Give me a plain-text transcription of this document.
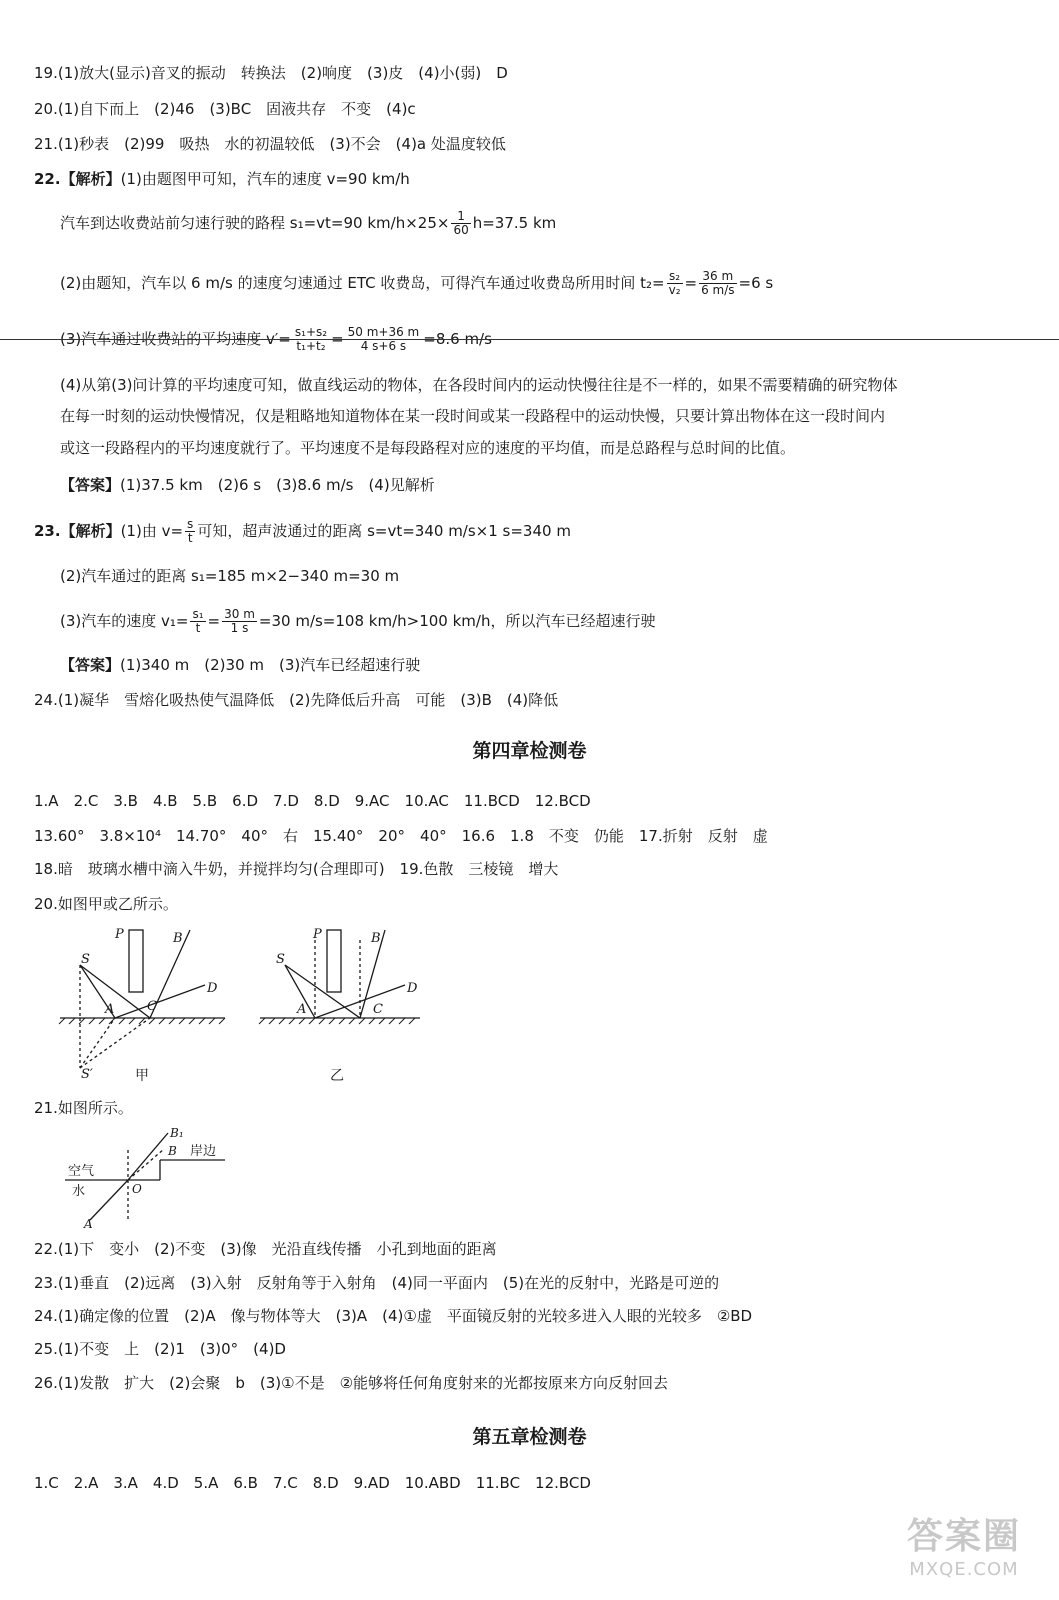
19.(1)放大(显示)音叉的振动　转换法　(2)响度　(3)皮　(4)小(弱)　D
20.(1)自下而上　(2)46　(3)BC　固液共存　不变　(4)c
21.(1)秒表　(2)99　吸热　水的初温较低　(3)不会　(4)a 处温度较低
22.【解析】(1)由题图甲可知，汽车的速度 v=90 km/h
汽车到达收费站前匀速行驶的路程 s₁=vt=90 $km/h\times 25\times \frac{1}{60} h=37.5$ km
(2)由题知，汽车以 6 m/s 的速度匀速通过 ETC 收费岛，可得汽车通过收费岛所用时间 $t_2= \frac{\text{s₂}}{\text{v₂}} = \frac{36 m}{6 m/s} =6$ s
(3)汽车通过收费站的平均速度 $v'= \frac{\text{s₁+s₂}}{\text{t₁+t₂}} = \frac{50 m+36 m}{4 s+6 s} =8.6$ m/s
(4)从第(3)问计算的平均速度可知，做直线运动的物体，在各段时间内的运动快慢往往是不一样的，如果不需要精确的研究物体
在每一时刻的运动快慢情况，仅是粗略地知道物体在某一段时间或某一段路程中的运动快慢，只要计算出物体在这一段时间内
或这一段路程内的平均速度就行了。平均速度不是每段路程对应的速度的平均值，而是总路程与总时间的比值。
【答案】(1)37.5 km　(2)6 s　(3)8.6 m/s　(4)见解析
23.【解析】(1)由 $v= \frac{s}{t}$ 可知，超声波通过的距离 s=vt=340 m/s×1 s=340 m
(2)汽车通过的距离 s₁=185 m×2−340 m=30 m
(3)汽车的速度 $v_1= \frac{\text{s₁}}{t} = \frac{30 m}{1 s} =30$ m/s=108 km/h>100 km/h，所以汽车已经超速行驶
【答案】(1)340 m　(2)30 m　(3)汽车已经超速行驶
24.(1)凝华　雪熔化吸热使气温降低　(2)先降低后升高　可能　(3)B　(4)降低
第四章检测卷
1.A　2.C　3.B　4.B　5.B　6.D　7.D　8.D　9.AC　10.AC　11.BCD　12.BCD
13.60°　3.8×10⁴　14.70°　40°　右　15.40°　20°　40°　16.6　1.8　不变　仍能　17.折射　反射　虚
18.暗　玻璃水槽中滴入牛奶，并搅拌均匀(合理即可)　19.色散　三棱镜　增大
20.如图甲或乙所示。
P	B
S
A	C
D
S′
P	B
S
A	C
D
甲	乙
21.如图所示。
B₁
B
O
A
岸边
空气
水
22.(1)下　变小　(2)不变　(3)像　光沿直线传播　小孔到地面的距离
23.(1)垂直　(2)远离　(3)入射　反射角等于入射角　(4)同一平面内　(5)在光的反射中，光路是可逆的
24.(1)确定像的位置　(2)A　像与物体等大　(3)A　(4)①虚　平面镜反射的光较多进入人眼的光较多　②BD
25.(1)不变　上　(2)1　(3)0°　(4)D
26.(1)发散　扩大　(2)会聚　b　(3)①不是　②能够将任何角度射来的光都按原来方向反射回去
第五章检测卷
1.C　2.A　3.A　4.D　5.A　6.B　7.C　8.D　9.AD　10.ABD　11.BC　12.BCD
答案圈
MXQE.COM
